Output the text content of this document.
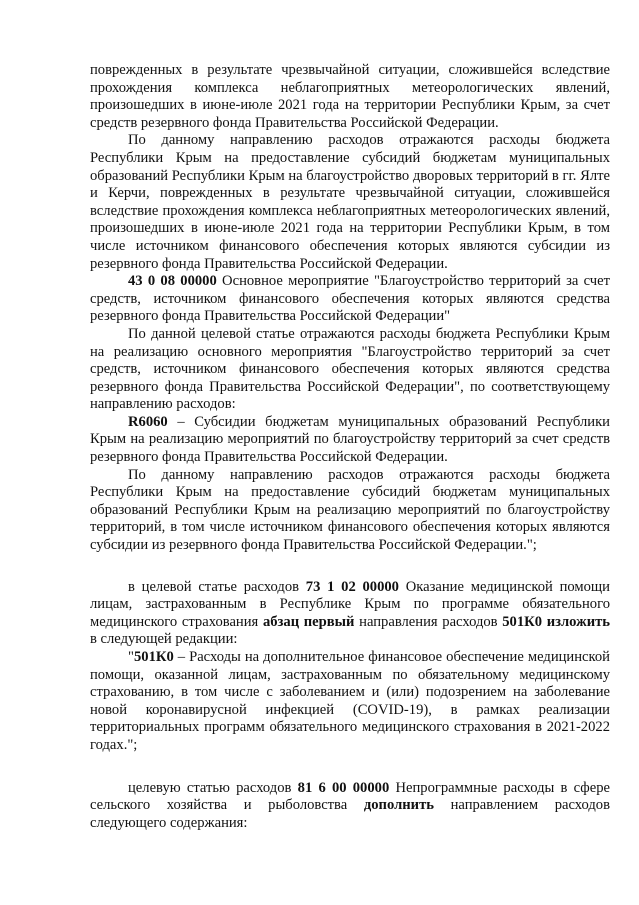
поврежденных в результате чрезвычайной ситуации, сложившейся вследствие прохождения комплекса неблагоприятных метеорологических явлений, произошедших в июне-июле 2021 года на территории Республики Крым, за счет средств резервного фонда Правительства Российской Федерации.

По данному направлению расходов отражаются расходы бюджета Республики Крым на предоставление субсидий бюджетам муниципальных образований Республики Крым на благоустройство дворовых территорий в гг. Ялте и Керчи, поврежденных в результате чрезвычайной ситуации, сложившейся вследствие прохождения комплекса неблагоприятных метеорологических явлений, произошедших в июне-июле 2021 года на территории Республики Крым, в том числе источником финансового обеспечения которых являются субсидии из резервного фонда Правительства Российской Федерации.

43 0 08 00000 Основное мероприятие "Благоустройство территорий за счет средств, источником финансового обеспечения которых являются средства резервного фонда Правительства Российской Федерации"

По данной целевой статье отражаются расходы бюджета Республики Крым на реализацию основного мероприятия "Благоустройство территорий за счет средств, источником финансового обеспечения которых являются средства резервного фонда Правительства Российской Федерации", по соответствующему направлению расходов:

R6060 – Субсидии бюджетам муниципальных образований Республики Крым на реализацию мероприятий по благоустройству территорий за счет средств резервного фонда Правительства Российской Федерации.

По данному направлению расходов отражаются расходы бюджета Республики Крым на предоставление субсидий бюджетам муниципальных образований Республики Крым на реализацию мероприятий по благоустройству территорий, в том числе источником финансового обеспечения которых являются субсидии из резервного фонда Правительства Российской Федерации.";

в целевой статье расходов 73 1 02 00000 Оказание медицинской помощи лицам, застрахованным в Республике Крым по программе обязательного медицинского страхования абзац первый направления расходов 501К0 изложить в следующей редакции:

"501К0 – Расходы на дополнительное финансовое обеспечение медицинской помощи, оказанной лицам, застрахованным по обязательному медицинскому страхованию, в том числе с заболеванием и (или) подозрением на заболевание новой коронавирусной инфекцией (COVID-19), в рамках реализации территориальных программ обязательного медицинского страхования в 2021-2022 годах.";

целевую статью расходов 81 6 00 00000 Непрограммные расходы в сфере сельского хозяйства и рыболовства дополнить направлением расходов следующего содержания:
